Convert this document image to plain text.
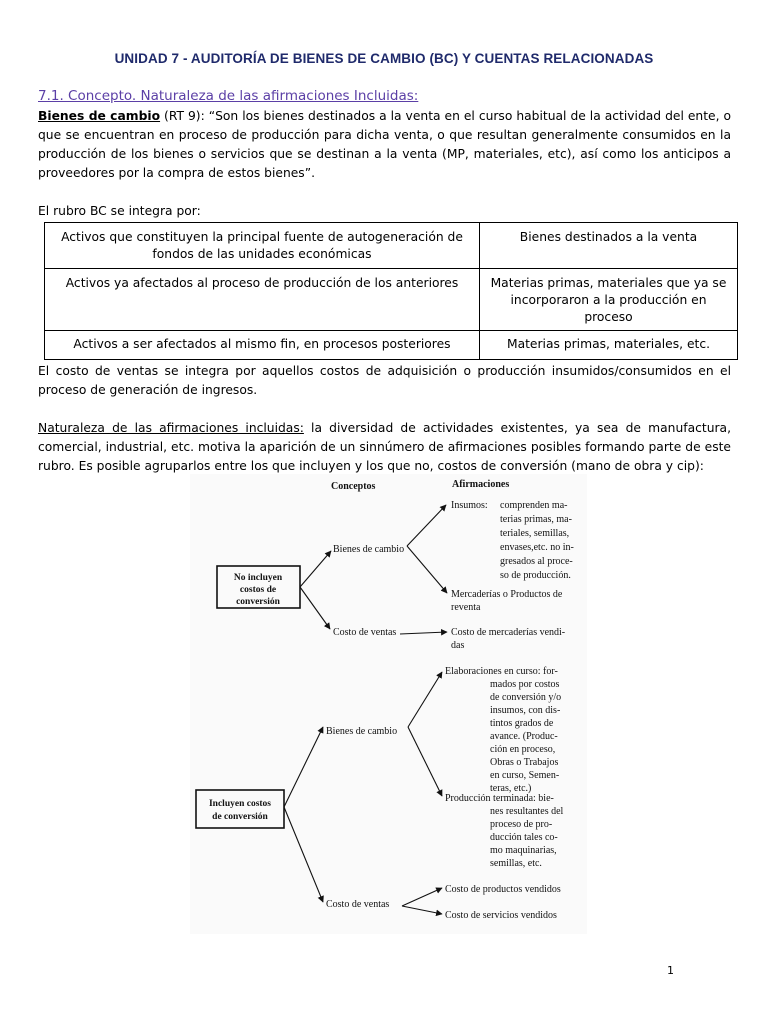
UNIDAD 7 - AUDITORÍA DE BIENES DE CAMBIO (BC) Y CUENTAS RELACIONADAS
7.1. Concepto. Naturaleza de las afirmaciones Incluidas:
Bienes de cambio (RT 9): “Son los bienes destinados a la venta en el curso habitual de la actividad del ente, o que se encuentran en proceso de producción para dicha venta, o que resultan generalmente consumidos en la producción de los bienes o servicios que se destinan a la venta (MP, materiales, etc), así como los anticipos a proveedores por la compra de estos bienes”.
El rubro BC se integra por:
Activos que constituyen la principal fuente de autogeneración de fondos de las unidades económicas	Bienes destinados a la venta
Activos ya afectados al proceso de producción de los anteriores	Materias primas, materiales que ya se incorporaron a la producción en proceso
Activos a ser afectados al mismo fin, en procesos posteriores	Materias primas, materiales, etc.
El costo de ventas se integra por aquellos costos de adquisición o producción insumidos/consumidos en el proceso de generación de ingresos.
Naturaleza de las afirmaciones incluidas: la diversidad de actividades existentes, ya sea de manufactura, comercial, industrial, etc. motiva la aparición de un sinnúmero de afirmaciones posibles formando parte de este rubro. Es posible agruparlos entre los que incluyen y los que no, costos de conversión (mano de obra y cip):
Conceptos	Afirmaciones
No incluyen
costos de
conversión
Bienes de cambio
Costo de ventas
Insumos: comprenden ma-
terias primas, ma-
teriales, semillas,
envases,etc. no in-
gresados al proce-
so de producción.
Mercaderías o Productos de
reventa
Costo de mercaderías vendi-
das
Incluyen costos
de conversión
Bienes de cambio
Costo de ventas
Elaboraciones en curso: for-
mados por costos
de conversión y/o
insumos, con dis-
tintos grados de
avance. (Produc-
ción en proceso,
Obras o Trabajos
en curso, Semen-
teras, etc.)
Producción terminada: bie-
nes resultantes del
proceso de pro-
ducción tales co-
mo maquinarias,
semillas, etc.
Costo de productos vendidos
Costo de servicios vendidos
1
